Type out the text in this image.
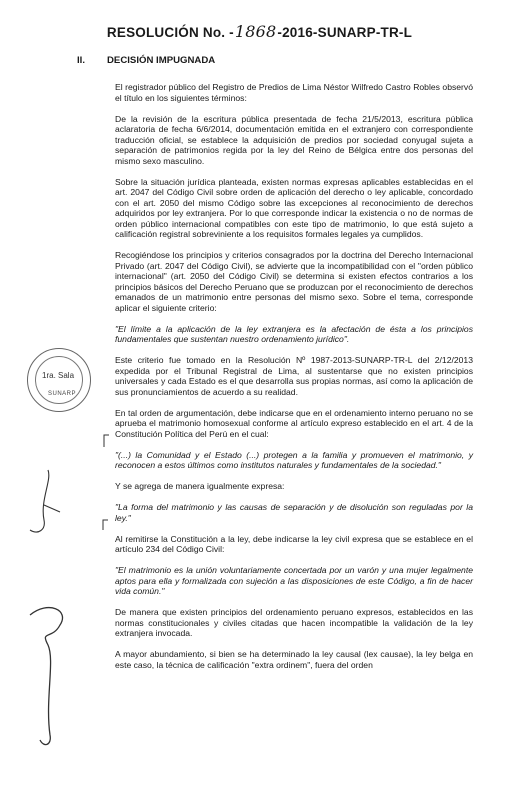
RESOLUCIÓN No. -1868-2016-SUNARP-TR-L
II. DECISIÓN IMPUGNADA

El registrador público del Registro de Predios de Lima Néstor Wilfredo Castro Robles observó el título en los siguientes términos:

De la revisión de la escritura pública presentada de fecha 21/5/2013, escritura pública aclaratoria de fecha 6/6/2014, documentación emitida en el extranjero con correspondiente traducción oficial, se establece la adquisición de predios por sociedad conyugal sujeta a separación de patrimonios regida por la ley del Reino de Bélgica entre dos personas del mismo sexo masculino.

Sobre la situación jurídica planteada, existen normas expresas aplicables establecidas en el art. 2047 del Código Civil sobre orden de aplicación del derecho o ley aplicable, concordado con el art. 2050 del mismo Código sobre las excepciones al reconocimiento de derechos adquiridos por ley extranjera. Por lo que corresponde indicar la existencia o no de normas de orden público internacional compatibles con este tipo de matrimonio, lo que está sujeto a calificación registral sobreviniente a los requisitos formales legales ya cumplidos.

Recogiéndose los principios y criterios consagrados por la doctrina del Derecho Internacional Privado (art. 2047 del Código Civil), se advierte que la incompatibilidad con el "orden público internacional" (art. 2050 del Código Civil) se determina si existen efectos contrarios a los principios básicos del Derecho Peruano que se produzcan por el reconocimiento de derechos emanados de un matrimonio entre personas del mismo sexo. Sobre el tema, corresponde aplicar el siguiente criterio:

"El límite a la aplicación de la ley extranjera es la afectación de ésta a los principios fundamentales que sustentan nuestro ordenamiento jurídico".

Este criterio fue tomado en la Resolución Nº 1987-2013-SUNARP-TR-L del 2/12/2013 expedida por el Tribunal Registral de Lima, al sustentarse que no existen principios universales y cada Estado es el que desarrolla sus propias normas, así como la aplicación de sus pronunciamientos de acuerdo a su realidad.

En tal orden de argumentación, debe indicarse que en el ordenamiento interno peruano no se aprueba el matrimonio homosexual conforme al artículo expreso establecido en el art. 4 de la Constitución Política del Perú en el cual:

"(...) la Comunidad y el Estado (...) protegen a la familia y promueven el matrimonio, y reconocen a estos últimos como institutos naturales y fundamentales de la sociedad."

Y se agrega de manera igualmente expresa:

"La forma del matrimonio y las causas de separación y de disolución son reguladas por la ley."

Al remitirse la Constitución a la ley, debe indicarse la ley civil expresa que se establece en el artículo 234 del Código Civil:

"El matrimonio es la unión voluntariamente concertada por un varón y una mujer legalmente aptos para ella y formalizada con sujeción a las disposiciones de este Código, a fin de hacer vida común."

De manera que existen principios del ordenamiento peruano expresos, establecidos en las normas constitucionales y civiles citadas que hacen incompatible la validación de la ley extranjera invocada.

A mayor abundamiento, si bien se ha determinado la ley causal (lex causae), la ley belga en este caso, la técnica de calificación "extra ordinem", fuera del orden

1ra. Sala
SUNARP
